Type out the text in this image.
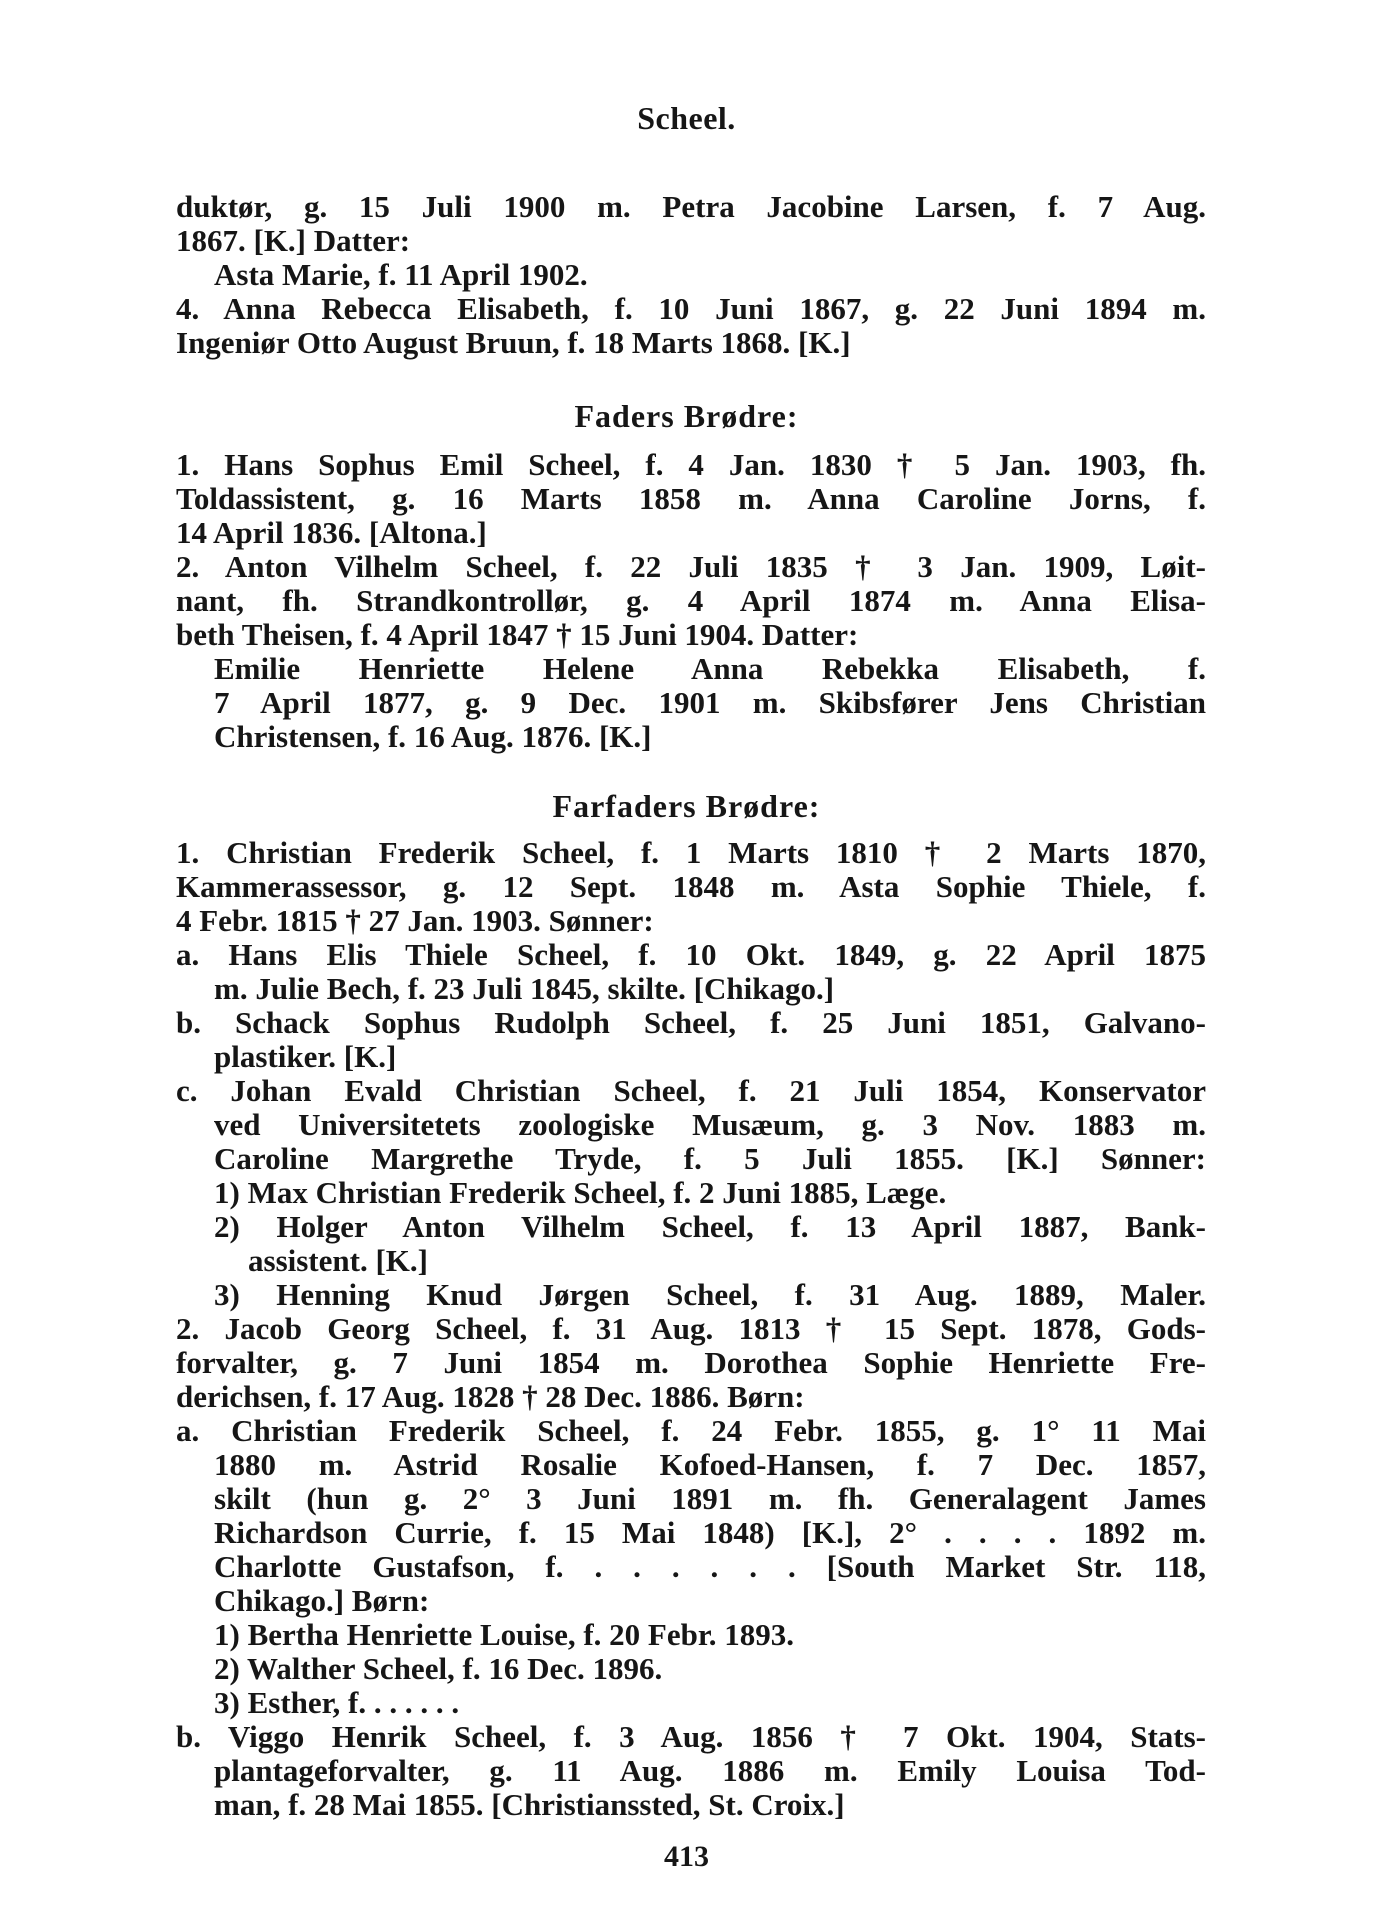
Scheel.
duktør, g. 15 Juli 1900 m. Petra Jacobine Larsen, f. 7 Aug.
1867. [K.] Datter:
Asta Marie, f. 11 April 1902.
4. Anna Rebecca Elisabeth, f. 10 Juni 1867, g. 22 Juni 1894 m.
Ingeniør Otto August Bruun, f. 18 Marts 1868. [K.]
Faders Brødre:
1. Hans Sophus Emil Scheel, f. 4 Jan. 1830 † 5 Jan. 1903, fh.
Toldassistent, g. 16 Marts 1858 m. Anna Caroline Jorns, f.
14 April 1836. [Altona.]
2. Anton Vilhelm Scheel, f. 22 Juli 1835 † 3 Jan. 1909, Løit-
nant, fh. Strandkontrollør, g. 4 April 1874 m. Anna Elisa-
beth Theisen, f. 4 April 1847 † 15 Juni 1904. Datter:
Emilie Henriette Helene Anna Rebekka Elisabeth, f.
7 April 1877, g. 9 Dec. 1901 m. Skibsfører Jens Christian
Christensen, f. 16 Aug. 1876. [K.]
Farfaders Brødre:
1. Christian Frederik Scheel, f. 1 Marts 1810 † 2 Marts 1870,
Kammerassessor, g. 12 Sept. 1848 m. Asta Sophie Thiele, f.
4 Febr. 1815 † 27 Jan. 1903. Sønner:
a. Hans Elis Thiele Scheel, f. 10 Okt. 1849, g. 22 April 1875
m. Julie Bech, f. 23 Juli 1845, skilte. [Chikago.]
b. Schack Sophus Rudolph Scheel, f. 25 Juni 1851, Galvano-
plastiker. [K.]
c. Johan Evald Christian Scheel, f. 21 Juli 1854, Konservator
ved Universitetets zoologiske Musæum, g. 3 Nov. 1883 m.
Caroline Margrethe Tryde, f. 5 Juli 1855. [K.] Sønner:
1) Max Christian Frederik Scheel, f. 2 Juni 1885, Læge.
2) Holger Anton Vilhelm Scheel, f. 13 April 1887, Bank-
assistent. [K.]
3) Henning Knud Jørgen Scheel, f. 31 Aug. 1889, Maler.
2. Jacob Georg Scheel, f. 31 Aug. 1813 † 15 Sept. 1878, Gods-
forvalter, g. 7 Juni 1854 m. Dorothea Sophie Henriette Fre-
derichsen, f. 17 Aug. 1828 † 28 Dec. 1886. Børn:
a. Christian Frederik Scheel, f. 24 Febr. 1855, g. 1° 11 Mai
1880 m. Astrid Rosalie Kofoed-Hansen, f. 7 Dec. 1857,
skilt (hun g. 2° 3 Juni 1891 m. fh. Generalagent James
Richardson Currie, f. 15 Mai 1848) [K.], 2° . . . . 1892 m.
Charlotte Gustafson, f. . . . . . . [South Market Str. 118,
Chikago.] Børn:
1) Bertha Henriette Louise, f. 20 Febr. 1893.
2) Walther Scheel, f. 16 Dec. 1896.
3) Esther, f. . . . . . .
b. Viggo Henrik Scheel, f. 3 Aug. 1856 † 7 Okt. 1904, Stats-
plantageforvalter, g. 11 Aug. 1886 m. Emily Louisa Tod-
man, f. 28 Mai 1855. [Christianssted, St. Croix.]
413
